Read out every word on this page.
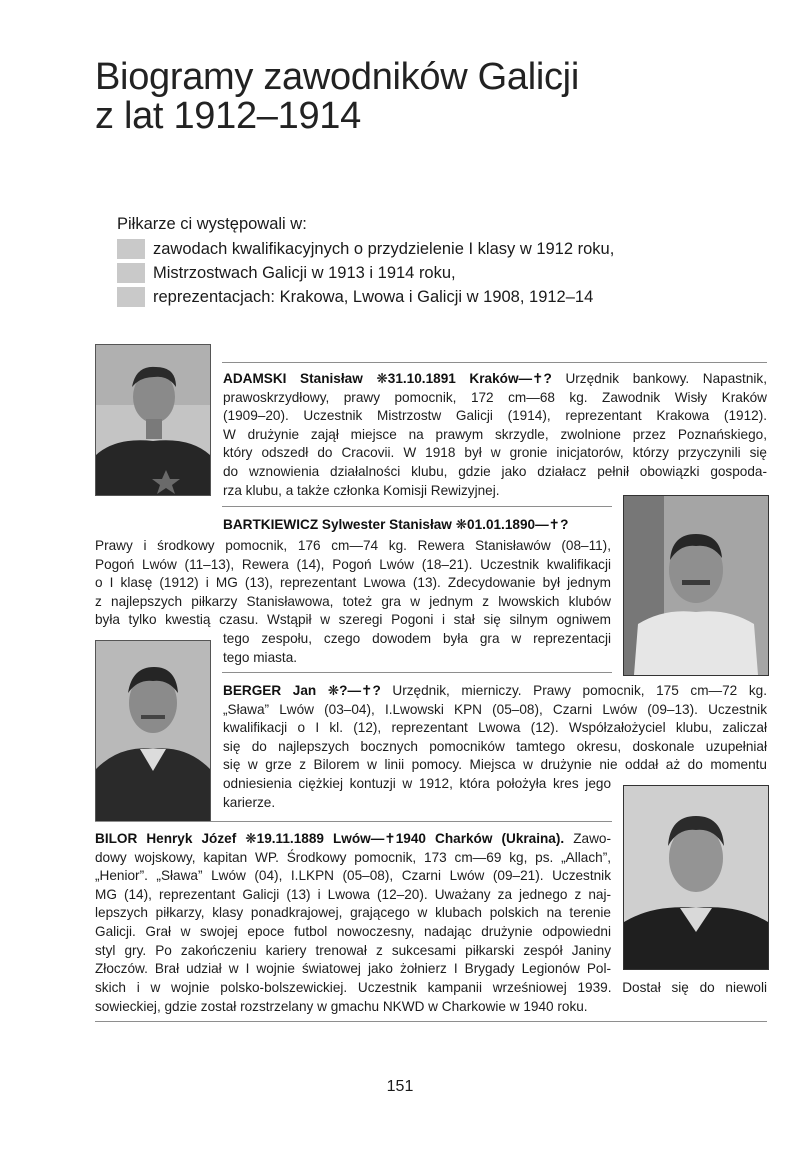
Biogramy zawodników Galicji
z lat 1912–1914
Piłkarze ci występowali w:
zawodach kwalifikacyjnych o przydzielenie I klasy w 1912 roku,
Mistrzostwach Galicji w 1913 i 1914 roku,
reprezentacjach: Krakowa, Lwowa i Galicji w 1908, 1912–14
ADAMSKI Stanisław ❋31.10.1891 Kraków—✝? Urzędnik bankowy. Napastnik,
prawoskrzydłowy, prawy pomocnik, 172 cm—68 kg. Zawodnik Wisły Kraków
(1909–20). Uczestnik Mistrzostw Galicji (1914), reprezentant Krakowa (1912).
W drużynie zajął miejsce na prawym skrzydle, zwolnione przez Poznańskiego,
który odszedł do Cracovii. W 1918 był w gronie inicjatorów, którzy przyczynili się
do wznowienia działalności klubu, gdzie jako działacz pełnił obowiązki gospoda-
rza klubu, a także członka Komisji Rewizyjnej.
BARTKIEWICZ Sylwester Stanisław ❋01.01.1890—✝?
Prawy i środkowy pomocnik, 176 cm—74 kg. Rewera Stanisławów (08–11),
Pogoń Lwów (11–13), Rewera (14), Pogoń Lwów (18–21). Uczestnik kwalifikacji
o I klasę (1912) i MG (13), reprezentant Lwowa (13). Zdecydowanie był jednym
z najlepszych piłkarzy Stanisławowa, toteż gra w jednym z lwowskich klubów
była tylko kwestią czasu. Wstąpił w szeregi Pogoni i stał się silnym ogniwem
tego zespołu, czego dowodem była gra w reprezentacji
tego miasta.
BERGER Jan ❋?—✝? Urzędnik, mierniczy. Prawy pomocnik, 175 cm—72 kg.
„Sława” Lwów (03–04), I.Lwowski KPN (05–08), Czarni Lwów (09–13). Uczestnik
kwalifikacji o I kl. (12), reprezentant Lwowa (12). Współzałożyciel klubu, zaliczał
się do najlepszych bocznych pomocników tamtego okresu, doskonale uzupełniał
się w grze z Bilorem w linii pomocy. Miejsca w drużynie nie oddał aż do momentu
odniesienia ciężkiej kontuzji w 1912, która położyła kres jego
karierze.
BILOR Henryk Józef ❋19.11.1889 Lwów—✝1940 Charków (Ukraina). Zawo-
dowy wojskowy, kapitan WP. Środkowy pomocnik, 173 cm—69 kg, ps. „Allach”,
„Henior”. „Sława” Lwów (04), I.LKPN (05–08), Czarni Lwów (09–21). Uczestnik
MG (14), reprezentant Galicji (13) i Lwowa (12–20). Uważany za jednego z naj-
lepszych piłkarzy, klasy ponadkrajowej, grającego w klubach polskich na terenie
Galicji. Grał w swojej epoce futbol nowoczesny, nadając drużynie odpowiedni
styl gry. Po zakończeniu kariery trenował z sukcesami piłkarski zespół Janiny
Złoczów. Brał udział w I wojnie światowej jako żołnierz I Brygady Legionów Pol-
skich i w wojnie polsko-bolszewickiej. Uczestnik kampanii wrześniowej 1939. Dostał się do niewoli
sowieckiej, gdzie został rozstrzelany w gmachu NKWD w Charkowie w 1940 roku.
151
